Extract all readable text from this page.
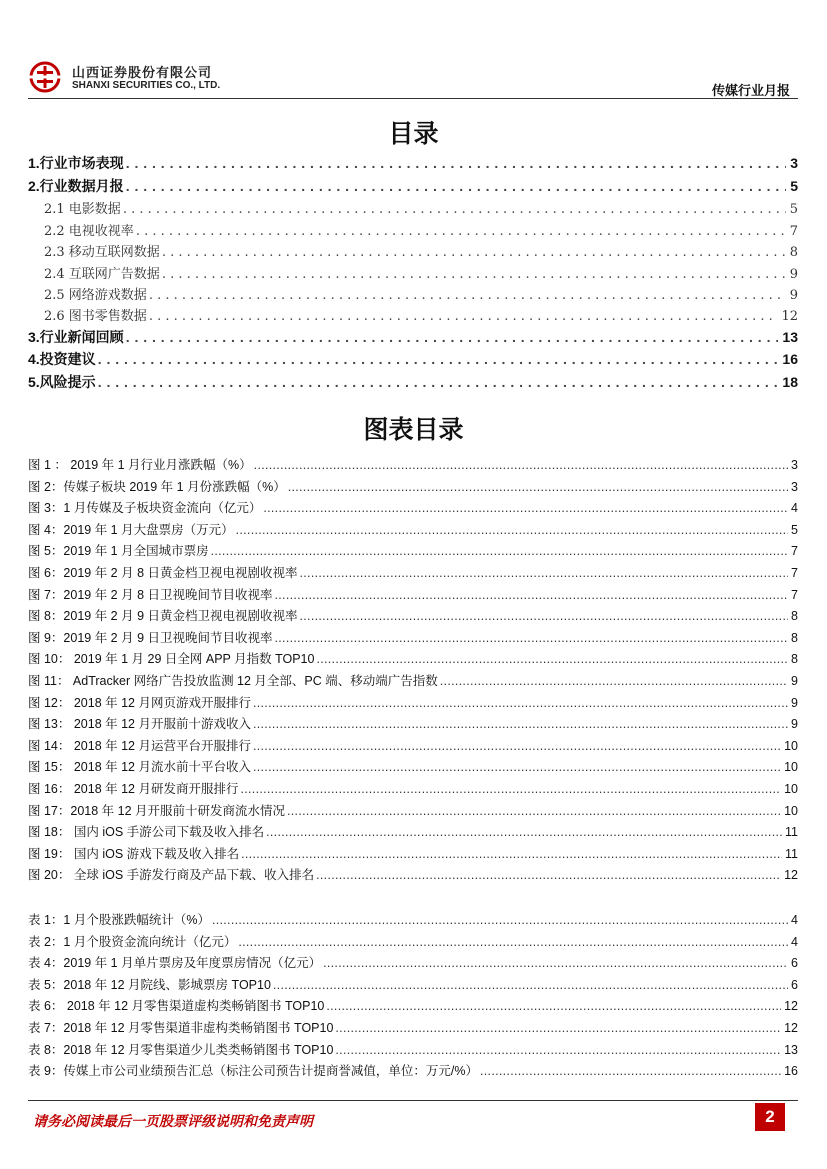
山西证券股份有限公司
SHANXI SECURITIES CO., LTD.	传媒行业月报
目录
1.行业市场表现 . . .	3
2.行业数据月报 . . .	5
2.1 电影数据 . . .	5
2.2 电视收视率 . . .	7
2.3 移动互联网数据 . . .	8
2.4 互联网广告数据 . . .	9
2.5 网络游戏数据 . . .	9
2.6 图书零售数据 . . .	12
3.行业新闻回顾 . . .	13
4.投资建议 . . .	16
5.风险提示 . . .	18
图表目录
图 1 ： 2019 年 1 月行业月涨跌幅（%） .....	3
图 2：传媒子板块 2019 年 1 月份涨跌幅（%） .....	3
图 3：1 月传媒及子板块资金流向（亿元） .....	4
图 4：2019 年 1 月大盘票房（万元） .....	5
图 5：2019 年 1 月全国城市票房 .....	7
图 6：2019 年 2 月 8 日黄金档卫视电视剧收视率 .....	7
图 7：2019 年 2 月 8 日卫视晚间节目收视率 .....	7
图 8：2019 年 2 月 9 日黄金档卫视电视剧收视率 .....	8
图 9：2019 年 2 月 9 日卫视晚间节目收视率 .....	8
图 10： 2019 年 1 月 29 日全网 APP 月指数 TOP10 .....	8
图 11： AdTracker 网络广告投放监测 12 月全部、PC 端、移动端广告指数 .....	9
图 12： 2018 年 12 月网页游戏开服排行 .....	9
图 13： 2018 年 12 月开服前十游戏收入 .....	9
图 14： 2018 年 12 月运营平台开服排行 .....	10
图 15： 2018 年 12 月流水前十平台收入 .....	10
图 16： 2018 年 12 月研发商开服排行 .....	10
图 17：2018 年 12 月开服前十研发商流水情况 .....	10
图 18： 国内 iOS 手游公司下载及收入排名 .....	11
图 19： 国内 iOS 游戏下载及收入排名 .....	11
图 20： 全球 iOS 手游发行商及产品下载、收入排名 .....	12
表 1：1 月个股涨跌幅统计（%） .....	4
表 2：1 月个股资金流向统计（亿元） .....	4
表 4：2019 年 1 月单片票房及年度票房情况（亿元） .....	6
表 5：2018 年 12 月院线、影城票房 TOP10 .....	6
表 6： 2018 年 12 月零售渠道虚构类畅销图书 TOP10 .....	12
表 7：2018 年 12 月零售渠道非虚构类畅销图书 TOP10 .....	12
表 8：2018 年 12 月零售渠道少儿类类畅销图书 TOP10 .....	13
表 9：传媒上市公司业绩预告汇总（标注公司预告计提商誉减值，单位：万元/%） .....	16
请务必阅读最后一页股票评级说明和免责声明	2
